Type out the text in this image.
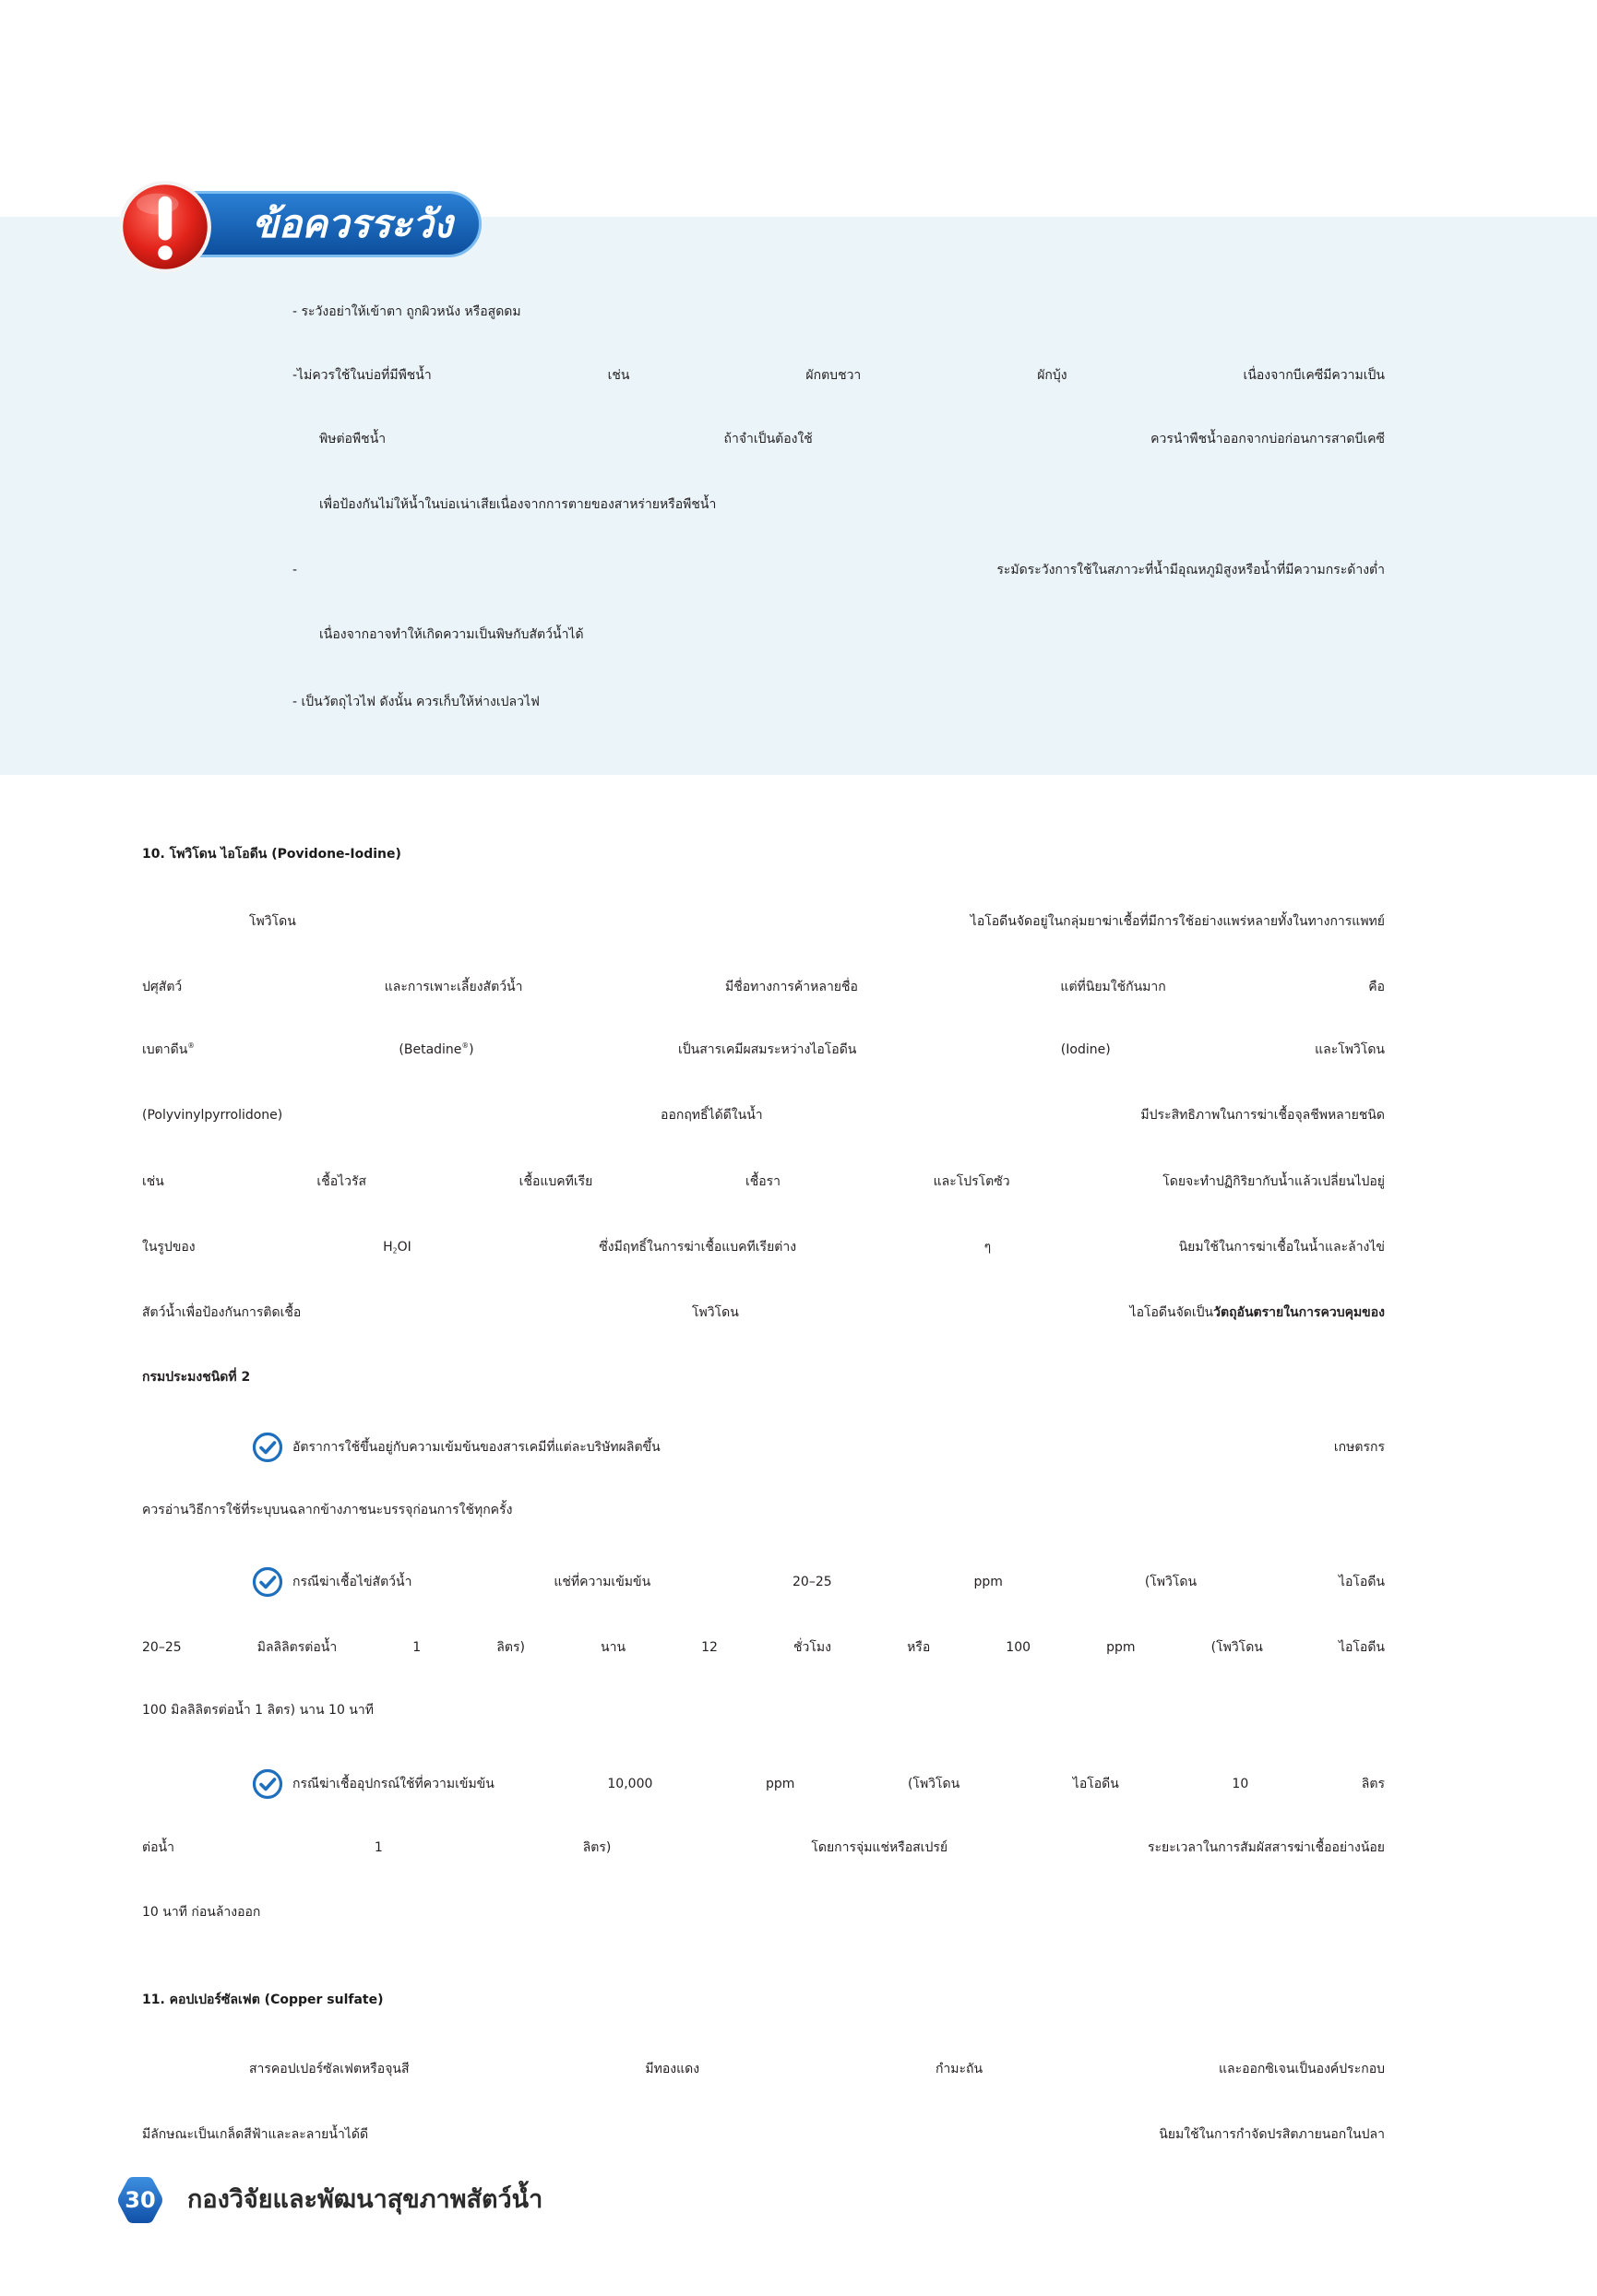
ข้อควรระวัง
- ระวังอย่าให้เข้าตา ถูกผิวหนัง หรือสูดดม
-ไม่ควรใช้ในบ่อที่มีพืชน้ำ เช่น ผักตบชวา ผักบุ้ง เนื่องจากบีเคซีมีความเป็น
พิษต่อพืชน้ำ ถ้าจำเป็นต้องใช้ ควรนำพืชน้ำออกจากบ่อก่อนการสาดบีเคซี
เพื่อป้องกันไม่ให้น้ำในบ่อเน่าเสียเนื่องจากการตายของสาหร่ายหรือพืชน้ำ
- ระมัดระวังการใช้ในสภาวะที่น้ำมีอุณหภูมิสูงหรือน้ำที่มีความกระด้างต่ำ
เนื่องจากอาจทำให้เกิดความเป็นพิษกับสัตว์น้ำได้
- เป็นวัตถุไวไฟ ดังนั้น ควรเก็บให้ห่างเปลวไฟ
10. โพวิโดน ไอโอดีน (Povidone-Iodine)
โพวิโดน ไอโอดีนจัดอยู่ในกลุ่มยาฆ่าเชื้อที่มีการใช้อย่างแพร่หลายทั้งในทางการแพทย์
ปศุสัตว์ และการเพาะเลี้ยงสัตว์น้ำ มีชื่อทางการค้าหลายชื่อ แต่ที่นิยมใช้กันมาก คือ
เบตาดีน® (Betadine®) เป็นสารเคมีผสมระหว่างไอโอดีน (Iodine) และโพวิโดน
(Polyvinylpyrrolidone) ออกฤทธิ์ได้ดีในน้ำ มีประสิทธิภาพในการฆ่าเชื้อจุลชีพหลายชนิด
เช่น เชื้อไวรัส เชื้อแบคทีเรีย เชื้อรา และโปรโตซัว โดยจะทำปฏิกิริยากับน้ำแล้วเปลี่ยนไปอยู่
ในรูปของ $H_2OI$ ซึ่งมีฤทธิ์ในการฆ่าเชื้อแบคทีเรียต่าง ๆ นิยมใช้ในการฆ่าเชื้อในน้ำและล้างไข่
สัตว์น้ำเพื่อป้องกันการติดเชื้อ โพวิโดน ไอโอดีนจัดเป็นวัตถุอันตรายในการควบคุมของ
กรมประมงชนิดที่ 2
อัตราการใช้ขึ้นอยู่กับความเข้มข้นของสารเคมีที่แต่ละบริษัทผลิตขึ้น เกษตรกร
ควรอ่านวิธีการใช้ที่ระบุบนฉลากข้างภาชนะบรรจุก่อนการใช้ทุกครั้ง
กรณีฆ่าเชื้อไข่สัตว์น้ำ แช่ที่ความเข้มข้น 20–25 ppm (โพวิโดน ไอโอดีน
20–25 มิลลิลิตรต่อน้ำ 1 ลิตร) นาน 12 ชั่วโมง หรือ 100 ppm (โพวิโดน ไอโอดีน
100 มิลลิลิตรต่อน้ำ 1 ลิตร) นาน 10 นาที
กรณีฆ่าเชื้ออุปกรณ์ใช้ที่ความเข้มข้น 10,000 ppm (โพวิโดน ไอโอดีน 10 ลิตร
ต่อน้ำ 1 ลิตร) โดยการจุ่มแช่หรือสเปรย์ ระยะเวลาในการสัมผัสสารฆ่าเชื้ออย่างน้อย
10 นาที ก่อนล้างออก
11. คอปเปอร์ซัลเฟต (Copper sulfate)
สารคอปเปอร์ซัลเฟตหรือจุนสี มีทองแดง กำมะถัน และออกซิเจนเป็นองค์ประกอบ
มีลักษณะเป็นเกล็ดสีฟ้าและละลายน้ำได้ดี นิยมใช้ในการกำจัดปรสิตภายนอกในปลา
30	กองวิจัยและพัฒนาสุขภาพสัตว์น้ำ
